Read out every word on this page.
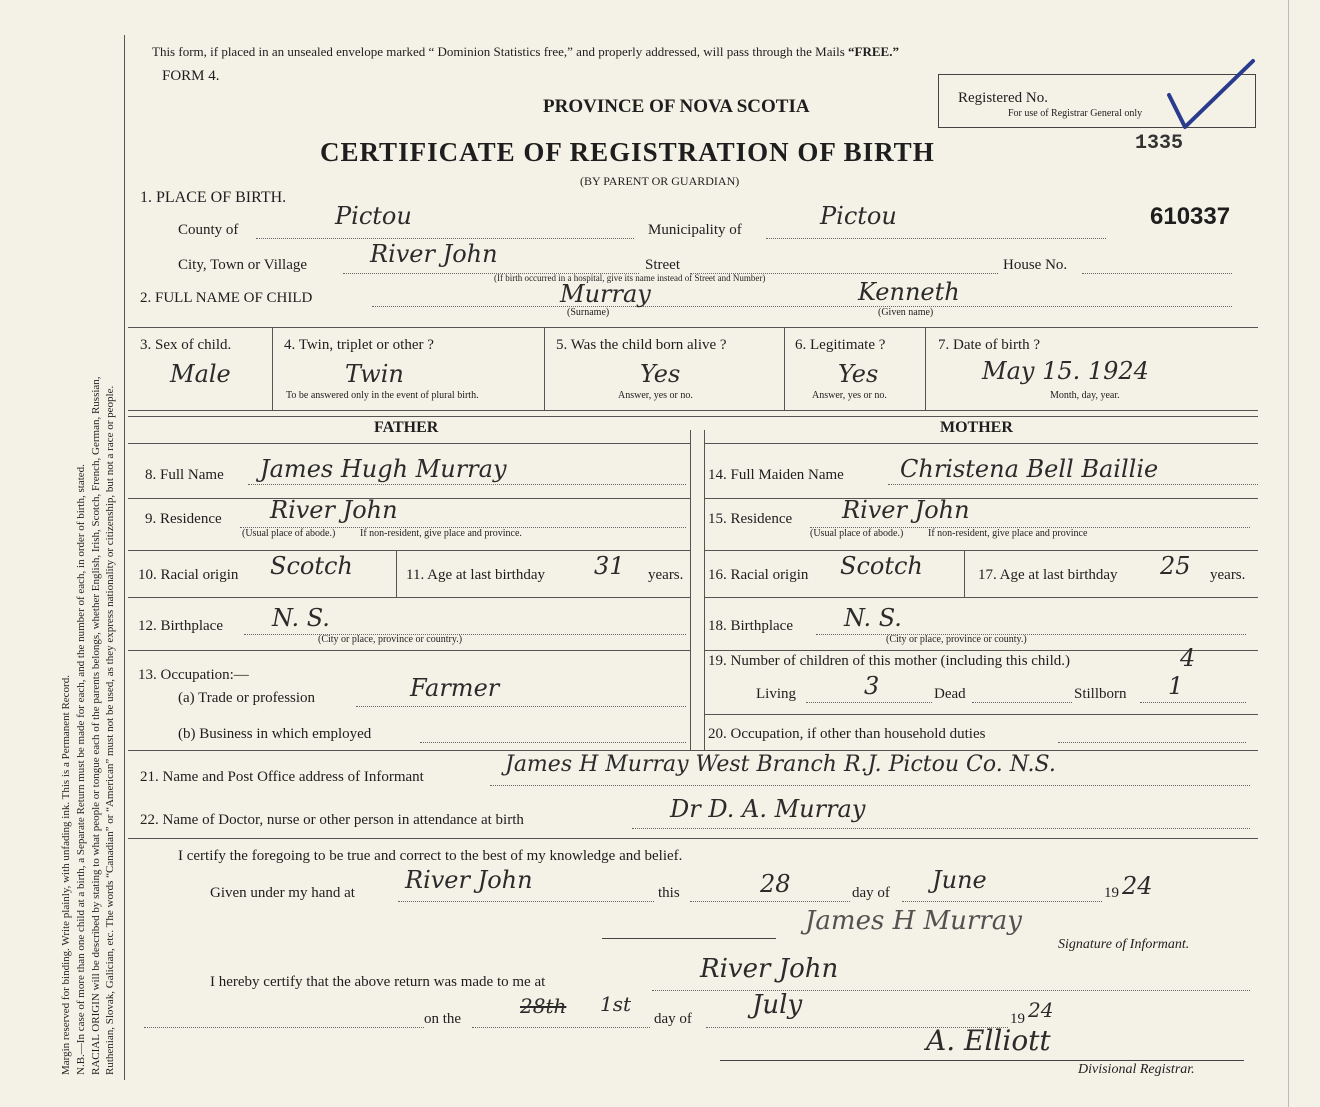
Margin reserved for binding. Write plainly, with unfading ink. This is a Permanent Record. N.B.—In case of more than one child at a birth, a Separate Return must be made for each, and the number of each, in order of birth, stated. RACIAL ORIGIN will be described by stating to what people or tongue each of the parents belongs, whether English, Irish, Scotch, French, German, Russian, Ruthenian, Slovak, Galician, etc. The words “Canadian” or “American” must not be used, as they express nationality or citizenship, but not a race or people.
This form, if placed in an unsealed envelope marked “ Dominion Statistics free,” and properly addressed, will pass through the Mails “FREE.”
FORM 4.
PROVINCE OF NOVA SCOTIA
CERTIFICATE OF REGISTRATION OF BIRTH
(BY PARENT OR GUARDIAN)
Registered No.
For use of Registrar General only
1335
610337
1. PLACE OF BIRTH.
County of	Pictou	Municipality of	Pictou
City, Town or Village	River John	Street	House No.
(If birth occurred in a hospital, give its name instead of Street and Number)
2. FULL NAME OF CHILD	Murray
(Surname)
Kenneth
(Given name)
3. Sex of child.
Male
4. Twin, triplet or other ?
Twin
To be answered only in the event of plural birth.
5. Was the child born alive ?
Yes
Answer, yes or no.
6. Legitimate ?
Yes
Answer, yes or no.
7. Date of birth ?
May 15. 1924
Month, day, year.
FATHER	MOTHER
8. Full Name James Hugh Murray
9. Residence River John
(Usual place of abode.) If non-resident, give place and province.
10. Racial origin Scotch	11. Age at last birthday 31 years.
12. Birthplace N. S.
(City or place, province or country.)
13. Occupation:—
(a) Trade or profession	Farmer
(b) Business in which employed
14. Full Maiden Name Christena Bell Baillie
15. Residence River John
(Usual place of abode.) If non-resident, give place and province
16. Racial origin Scotch	17. Age at last birthday 25 years.
18. Birthplace N. S.
(City or place, province or county.)
19. Number of children of this mother (including this child.)	4
Living	3	Dead	Stillborn 1
20. Occupation, if other than household duties
21. Name and Post Office address of Informant	James H Murray West Branch R.J. Pictou Co. N.S.
22. Name of Doctor, nurse or other person in attendance at birth	Dr D. A. Murray
I certify the foregoing to be true and correct to the best of my knowledge and belief.
Given under my hand at River John	this	28	day of June	19 24
James H Murray
Signature of Informant.
I hereby certify that the above return was made to me at	River John
on the
28th 1st
day of July	19 24
A. Elliott
Divisional Registrar.
